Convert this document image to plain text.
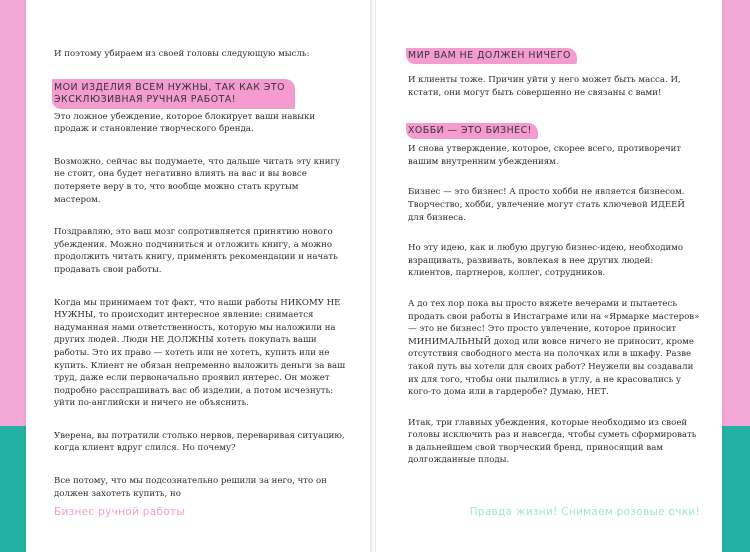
И поэтому убираем из своей головы следующую мысль:

МОИ ИЗДЕЛИЯ ВСЕМ НУЖНЫ, ТАК КАК ЭТО
ЭКСКЛЮЗИВНАЯ РУЧНАЯ РАБОТА!

Это ложное убеждение, которое блокирует ваши навыки продаж и становление творческого бренда.

Возможно, сейчас вы подумаете, что дальше читать эту книгу не стоит, она будет негативно влиять на вас и вы вовсе потеряете веру в то, что вообще можно стать крутым мастером.

Поздравляю, это ваш мозг сопротивляется принятию нового убеждения. Можно подчиниться и отложить книгу, а можно продолжить читать книгу, применять рекомендации и начать продавать свои работы.

Когда мы принимаем тот факт, что наши работы НИКОМУ НЕ НУЖНЫ, то происходит интересное явление: снимается надуманная нами ответственность, которую мы наложили на других людей. Люди НЕ ДОЛЖНЫ хотеть покупать ваши работы. Это их право — хотеть или не хотеть, купить или не купить. Клиент не обязан непременно выложить деньги за ваш труд, даже если первоначально проявил интерес. Он может подробно расспрашивать вас об изделии, а потом исчезнуть: уйти по-английски и ничего не объяснить.

Уверена, вы потратили столько нервов, переваривая ситуацию, когда клиент вдруг слился. Но почему?

Все потому, что мы подсознательно решили за него, что он должен захотеть купить, но

14 Бизнес ручной работы
МИР ВАМ НЕ ДОЛЖЕН НИЧЕГО

И клиенты тоже. Причин уйти у него может быть масса. И, кстати, они могут быть совершенно не связаны с вами!

ХОББИ — ЭТО БИЗНЕС!

И снова утверждение, которое, скорее всего, противоречит вашим внутренним убеждениям.

Бизнес — это бизнес! А просто хобби не является бизнесом. Творчество, хобби, увлечение могут стать ключевой ИДЕЕЙ для бизнеса.

Но эту идею, как и любую другую бизнес-идею, необходимо взращивать, развивать, вовлекая в нее других людей: клиентов, партнеров, коллег, сотрудников.

А до тех пор пока вы просто вяжете вечерами и пытаетесь продать свои работы в Инстаграме или на «Ярмарке мастеров» — это не бизнес! Это просто увлечение, которое приносит МИНИМАЛЬНЫЙ доход или вовсе ничего не приносит, кроме отсутствия свободного места на полочках или в шкафу. Разве такой путь вы хотели для своих работ? Неужели вы создавали их для того, чтобы они пылились в углу, а не красовались у кого-то дома или в гардеробе? Думаю, НЕТ.

Итак, три главных убеждения, которые необходимо из своей головы исключить раз и навсегда, чтобы суметь сформировать в дальнейшем свой творческий бренд, приносящий вам долгожданные плоды.

Правда жизни! Снимаем розовые очки! 15
